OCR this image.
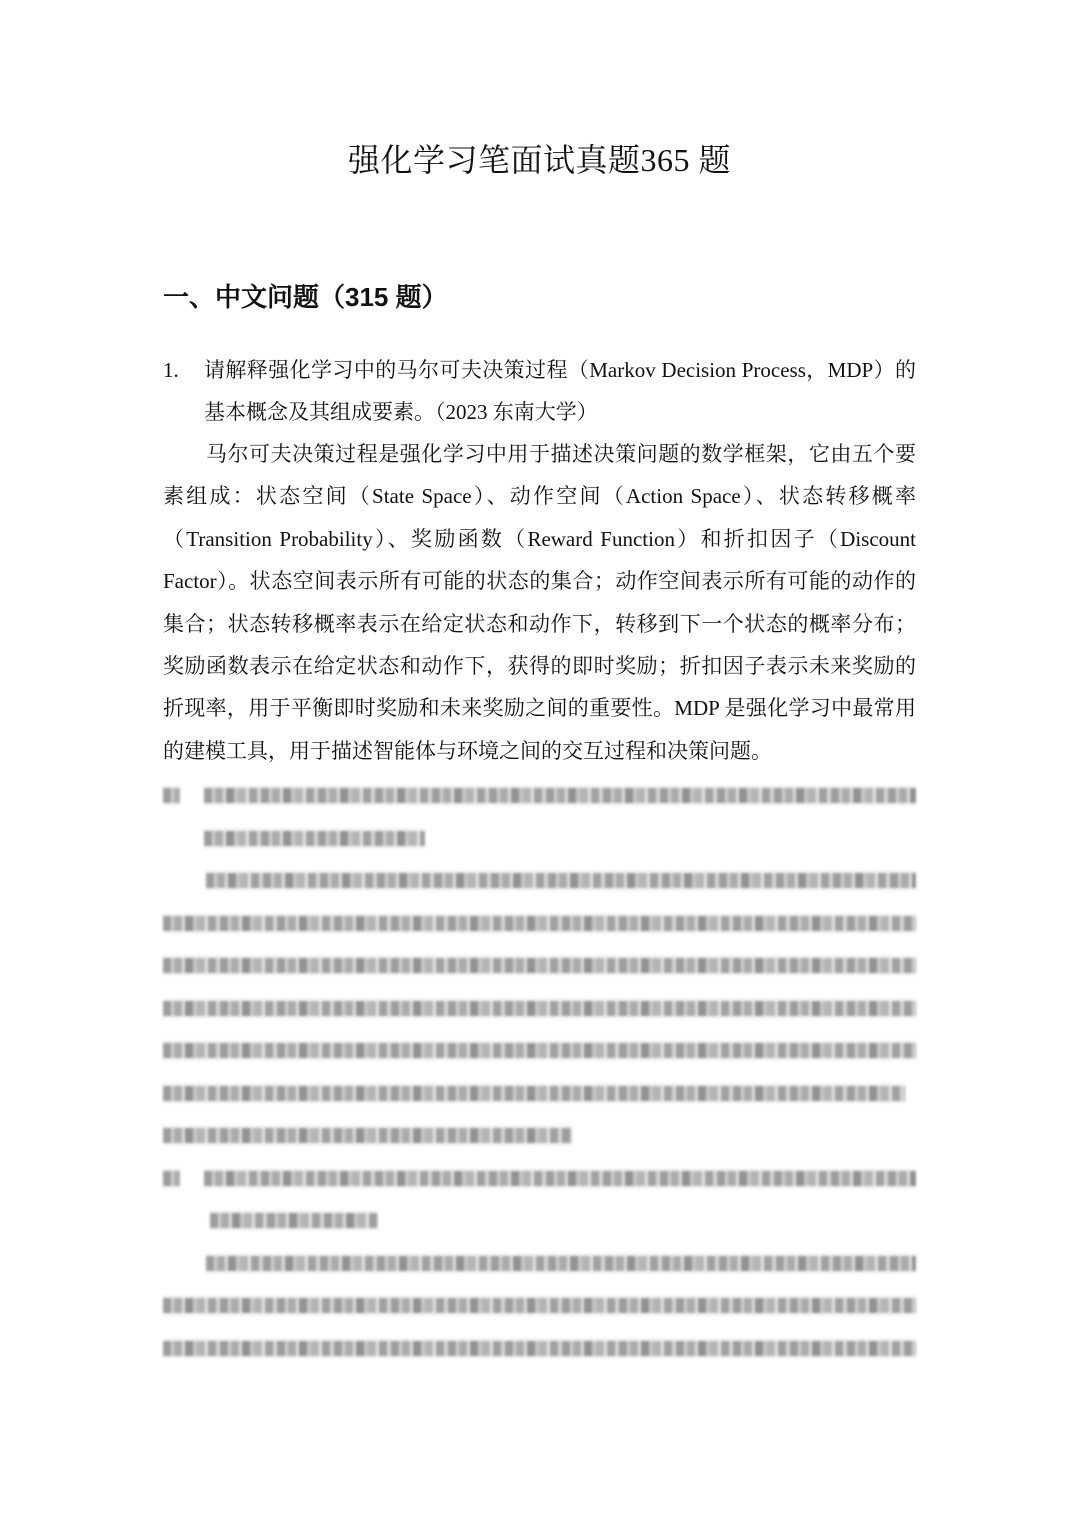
强化学习笔面试真题365 题
一、中文问题（315 题）
1. 请解释强化学习中的马尔可夫决策过程（Markov Decision Process，MDP）的基本概念及其组成要素。（2023 东南大学）

马尔可夫决策过程是强化学习中用于描述决策问题的数学框架，它由五个要素组成：状态空间（State Space）、动作空间（Action Space）、状态转移概率（Transition Probability）、奖励函数（Reward Function）和折扣因子（Discount Factor）。状态空间表示所有可能的状态的集合；动作空间表示所有可能的动作的集合；状态转移概率表示在给定状态和动作下，转移到下一个状态的概率分布；奖励函数表示在给定状态和动作下，获得的即时奖励；折扣因子表示未来奖励的折现率，用于平衡即时奖励和未来奖励之间的重要性。MDP 是强化学习中最常用的建模工具，用于描述智能体与环境之间的交互过程和决策问题。
